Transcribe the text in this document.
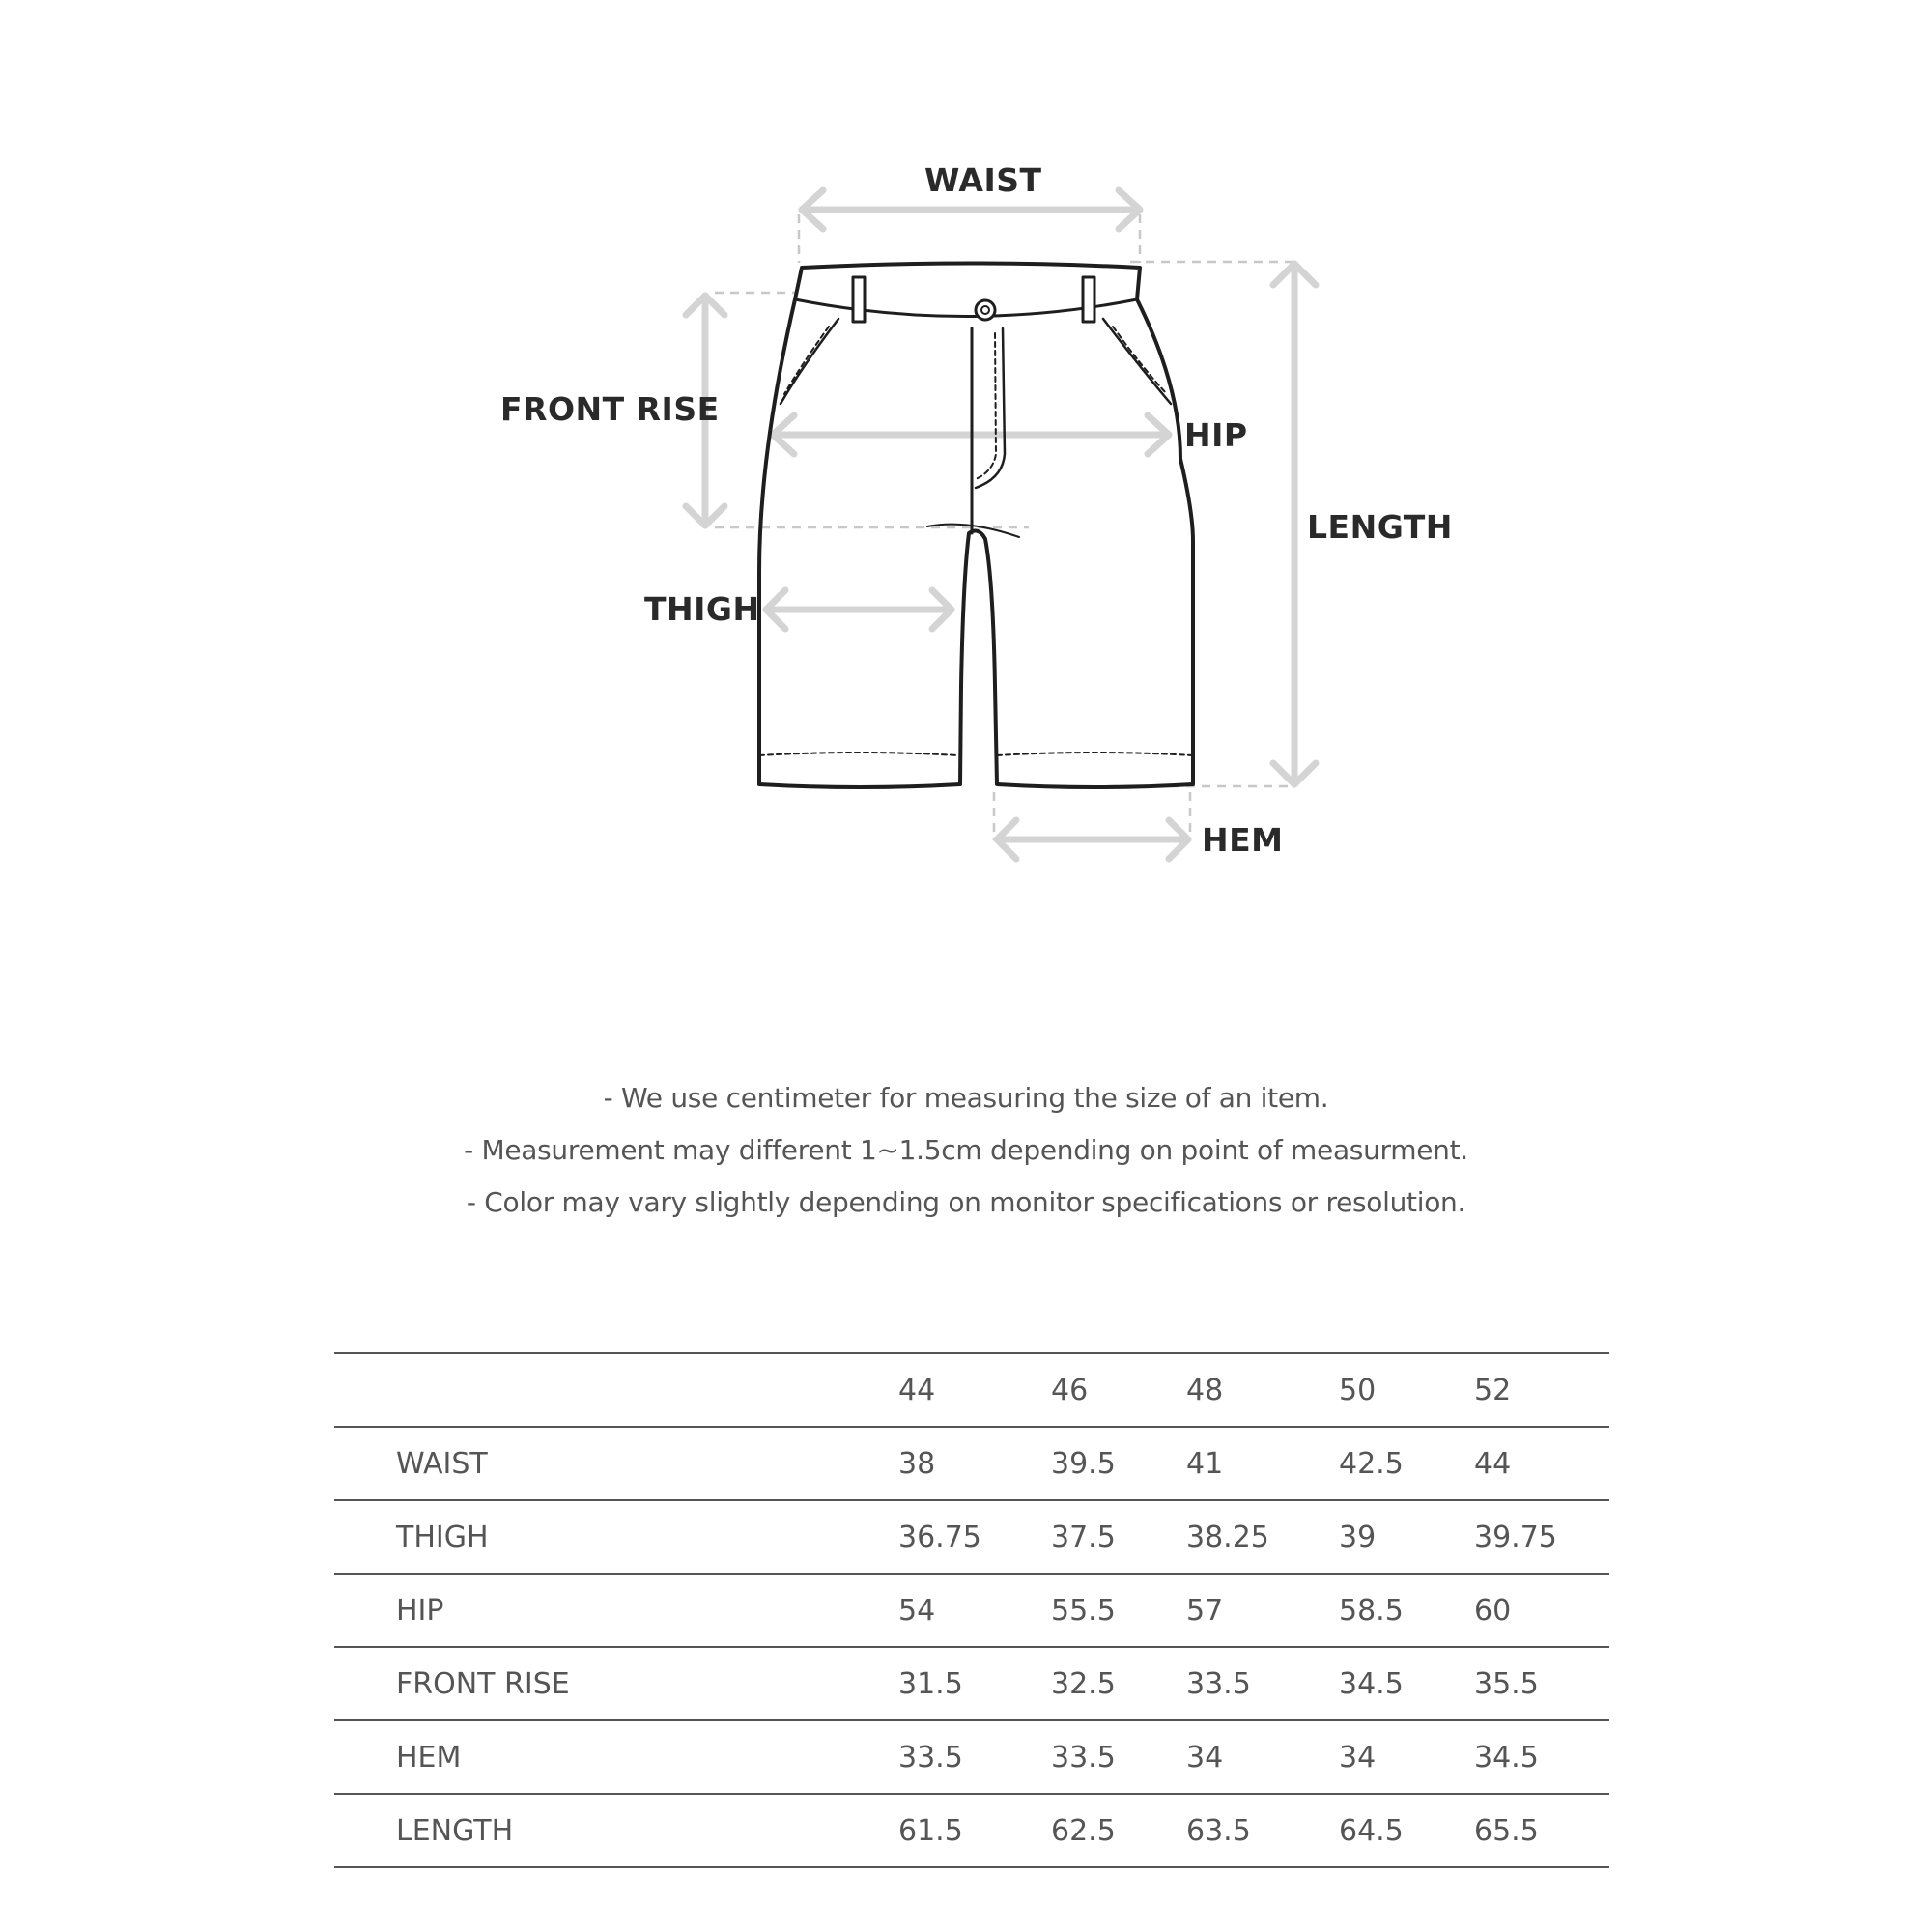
WAIST
FRONT RISE
HIP
LENGTH
THIGH
HEM
- We use centimeter for measuring the size of an item.
- Measurement may different 1~1.5cm depending on point of measurment.
- Color may vary slightly depending on monitor specifications or resolution.
	44	46	48	50	52
WAIST	38	39.5	41	42.5	44
THIGH	36.75	37.5	38.25	39	39.75
HIP	54	55.5	57	58.5	60
FRONT RISE	31.5	32.5	33.5	34.5	35.5
HEM	33.5	33.5	34	34	34.5
LENGTH	61.5	62.5	63.5	64.5	65.5
